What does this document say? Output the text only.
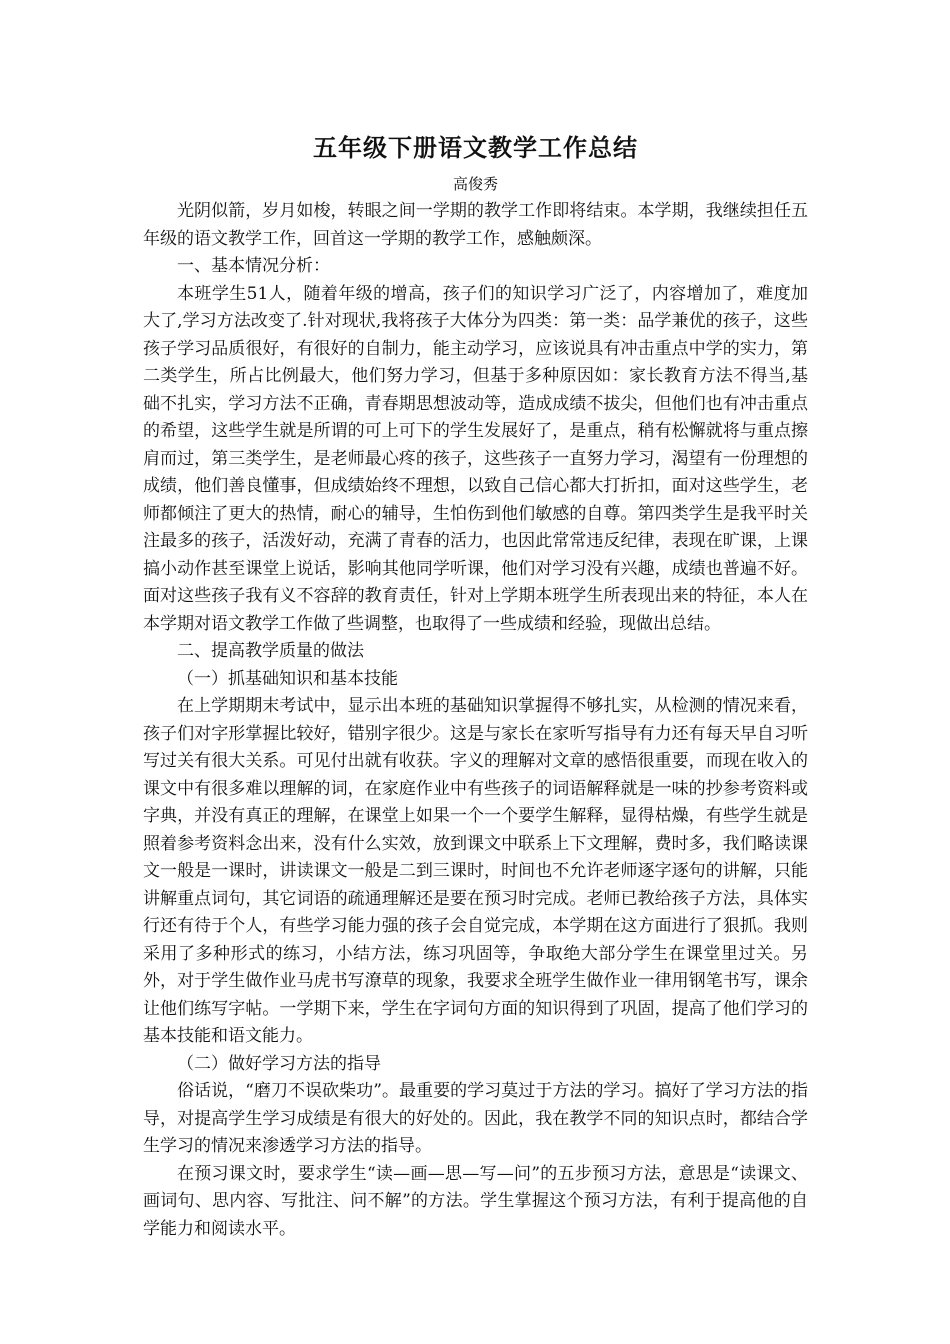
五年级下册语文教学工作总结

高俊秀

光阴似箭，岁月如梭，转眼之间一学期的教学工作即将结束。本学期，我继续担任五年级的语文教学工作，回首这一学期的教学工作，感触颇深。

一、基本情况分析：

本班学生51人，随着年级的增高，孩子们的知识学习广泛了，内容增加了，难度加大了,学习方法改变了.针对现状,我将孩子大体分为四类：第一类：品学兼优的孩子，这些孩子学习品质很好，有很好的自制力，能主动学习，应该说具有冲击重点中学的实力，第二类学生，所占比例最大，他们努力学习，但基于多种原因如：家长教育方法不得当,基础不扎实，学习方法不正确，青春期思想波动等，造成成绩不拔尖，但他们也有冲击重点的希望，这些学生就是所谓的可上可下的学生发展好了，是重点，稍有松懈就将与重点擦肩而过，第三类学生，是老师最心疼的孩子，这些孩子一直努力学习，渴望有一份理想的成绩，他们善良懂事，但成绩始终不理想，以致自己信心都大打折扣，面对这些学生，老师都倾注了更大的热情，耐心的辅导，生怕伤到他们敏感的自尊。第四类学生是我平时关注最多的孩子，活泼好动，充满了青春的活力，也因此常常违反纪律，表现在旷课，上课搞小动作甚至课堂上说话，影响其他同学听课，他们对学习没有兴趣，成绩也普遍不好。面对这些孩子我有义不容辞的教育责任，针对上学期本班学生所表现出来的特征，本人在本学期对语文教学工作做了些调整，也取得了一些成绩和经验，现做出总结。

二、提高教学质量的做法

（一）抓基础知识和基本技能

在上学期期末考试中，显示出本班的基础知识掌握得不够扎实，从检测的情况来看，孩子们对字形掌握比较好，错别字很少。这是与家长在家听写指导有力还有每天早自习听写过关有很大关系。可见付出就有收获。字义的理解对文章的感悟很重要，而现在收入的课文中有很多难以理解的词，在家庭作业中有些孩子的词语解释就是一味的抄参考资料或字典，并没有真正的理解，在课堂上如果一个一个要学生解释，显得枯燥，有些学生就是照着参考资料念出来，没有什么实效，放到课文中联系上下文理解，费时多，我们略读课文一般是一课时，讲读课文一般是二到三课时，时间也不允许老师逐字逐句的讲解，只能讲解重点词句，其它词语的疏通理解还是要在预习时完成。老师已教给孩子方法，具体实行还有待于个人，有些学习能力强的孩子会自觉完成，本学期在这方面进行了狠抓。我则采用了多种形式的练习，小结方法，练习巩固等，争取绝大部分学生在课堂里过关。另外，对于学生做作业马虎书写潦草的现象，我要求全班学生做作业一律用钢笔书写，课余让他们练写字帖。一学期下来，学生在字词句方面的知识得到了巩固，提高了他们学习的基本技能和语文能力。

（二）做好学习方法的指导

俗话说，“磨刀不误砍柴功”。最重要的学习莫过于方法的学习。搞好了学习方法的指导，对提高学生学习成绩是有很大的好处的。因此，我在教学不同的知识点时，都结合学生学习的情况来渗透学习方法的指导。

在预习课文时，要求学生“读—画—思—写—问”的五步预习方法，意思是“读课文、画词句、思内容、写批注、问不解”的方法。学生掌握这个预习方法，有利于提高他的自学能力和阅读水平。
